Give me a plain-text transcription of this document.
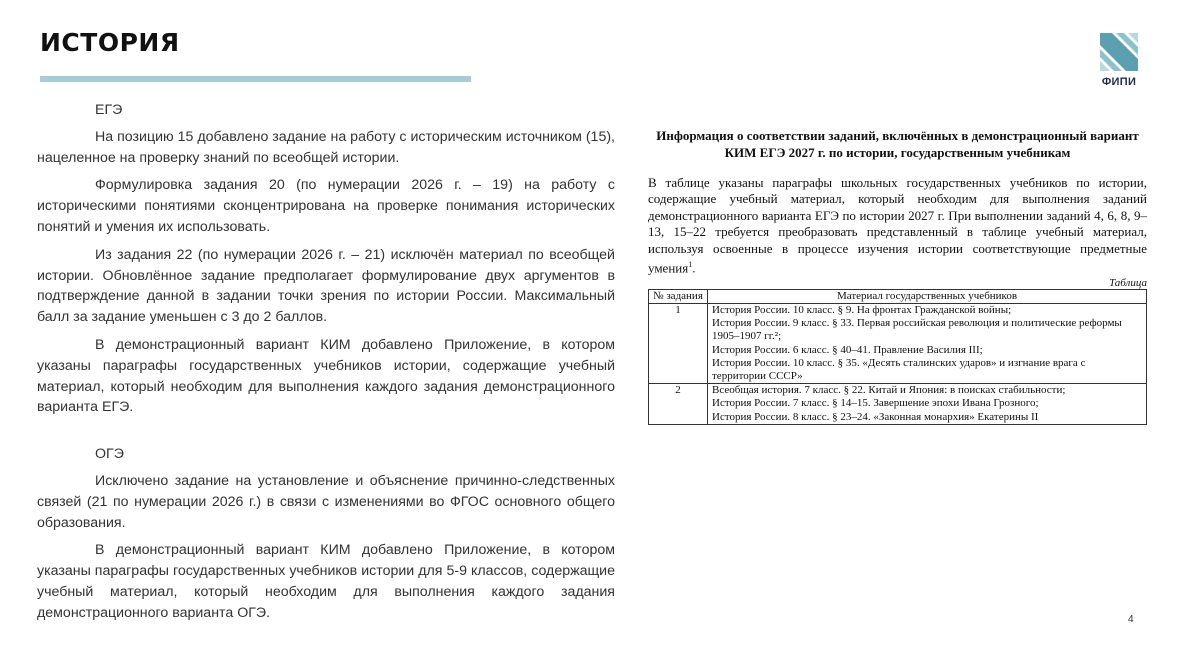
ИСТОРИЯ
ФИПИ
ЕГЭ

На позицию 15 добавлено задание на работу с историческим источником (15), нацеленное на проверку знаний по всеобщей истории.

Формулировка задания 20 (по нумерации 2026 г. – 19) на работу с историческими понятиями сконцентрирована на проверке понимания исторических понятий и умения их использовать.

Из задания 22 (по нумерации 2026 г. – 21) исключён материал по всеобщей истории. Обновлённое задание предполагает формулирование двух аргументов в подтверждение данной в задании точки зрения по истории России. Максимальный балл за задание уменьшен с 3 до 2 баллов.

В демонстрационный вариант КИМ добавлено Приложение, в котором указаны параграфы государственных учебников истории, содержащие учебный материал, который необходим для выполнения каждого задания демонстрационного варианта ЕГЭ.

ОГЭ

Исключено задание на установление и объяснение причинно-следственных связей (21 по нумерации 2026 г.) в связи с изменениями во ФГОС основного общего образования.

В демонстрационный вариант КИМ добавлено Приложение, в котором указаны параграфы государственных учебников истории для 5-9 классов, содержащие учебный материал, который необходим для выполнения каждого задания демонстрационного варианта ОГЭ.

Информация о соответствии заданий, включённых в демонстрационный вариант КИМ ЕГЭ 2027 г. по истории, государственным учебникам

В таблице указаны параграфы школьных государственных учебников по истории, содержащие учебный материал, который необходим для выполнения заданий демонстрационного варианта ЕГЭ по истории 2027 г. При выполнении заданий 4, 6, 8, 9–13, 15–22 требуется преобразовать представленный в таблице учебный материал, используя освоенные в процессе изучения истории соответствующие предметные умения$^1$.

Таблица
№ задания	Материал государственных учебников
1	История России. 10 класс. § 9. На фронтах Гражданской войны;
История России. 9 класс. § 33. Первая российская революция и политические реформы 1905–1907 гг.²;
История России. 6 класс. § 40–41. Правление Василия III;
История России. 10 класс. § 35. «Десять сталинских ударов» и изгнание врага с территории СССР»

2	Всеобщая история. 7 класс. § 22. Китай и Япония: в поисках стабильности;
История России. 7 класс. § 14–15. Завершение эпохи Ивана Грозного;
История России. 8 класс. § 23–24. «Законная монархия» Екатерины II
4
